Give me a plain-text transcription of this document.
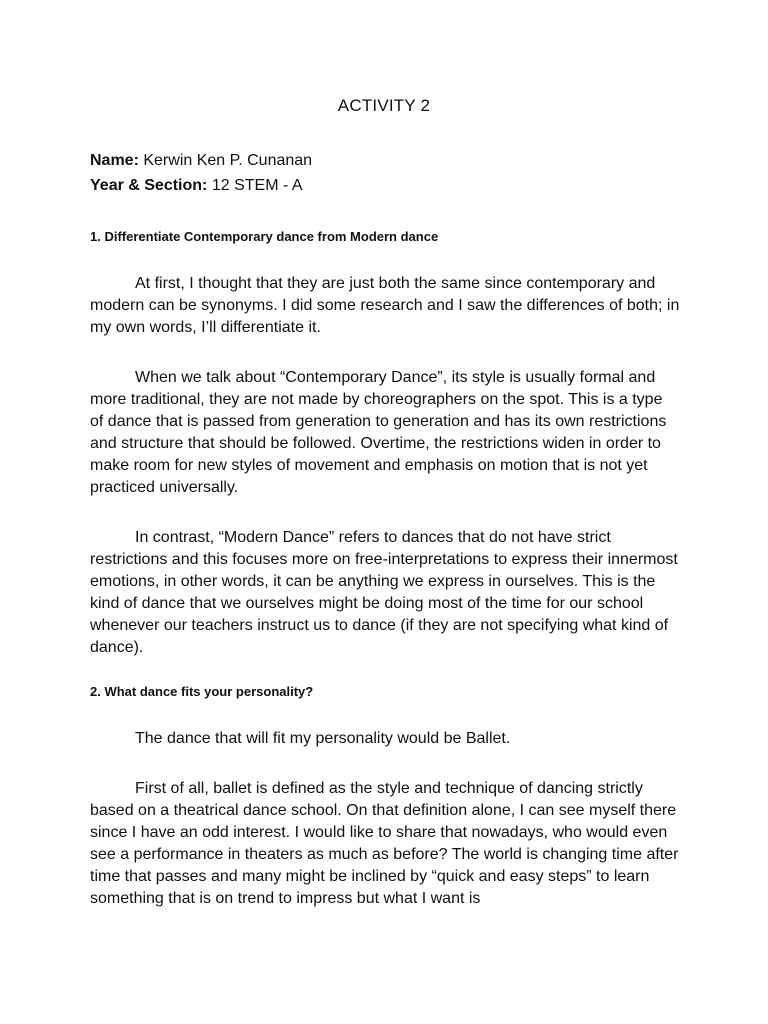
ACTIVITY 2
Name: Kerwin Ken P. Cunanan
Year & Section: 12 STEM - A
1. Differentiate Contemporary dance from Modern dance

At first, I thought that they are just both the same since contemporary and modern can be synonyms. I did some research and I saw the differences of both; in my own words, I’ll differentiate it.

When we talk about “Contemporary Dance”, its style is usually formal and more traditional, they are not made by choreographers on the spot. This is a type of dance that is passed from generation to generation and has its own restrictions and structure that should be followed. Overtime, the restrictions widen in order to make room for new styles of movement and emphasis on motion that is not yet practiced universally.

In contrast, “Modern Dance” refers to dances that do not have strict restrictions and this focuses more on free-interpretations to express their innermost emotions, in other words, it can be anything we express in ourselves. This is the kind of dance that we ourselves might be doing most of the time for our school whenever our teachers instruct us to dance (if they are not specifying what kind of dance).

2. What dance fits your personality?

The dance that will fit my personality would be Ballet.

First of all, ballet is defined as the style and technique of dancing strictly based on a theatrical dance school. On that definition alone, I can see myself there since I have an odd interest. I would like to share that nowadays, who would even see a performance in theaters as much as before? The world is changing time after time that passes and many might be inclined by “quick and easy steps” to learn something that is on trend to impress but what I want is
